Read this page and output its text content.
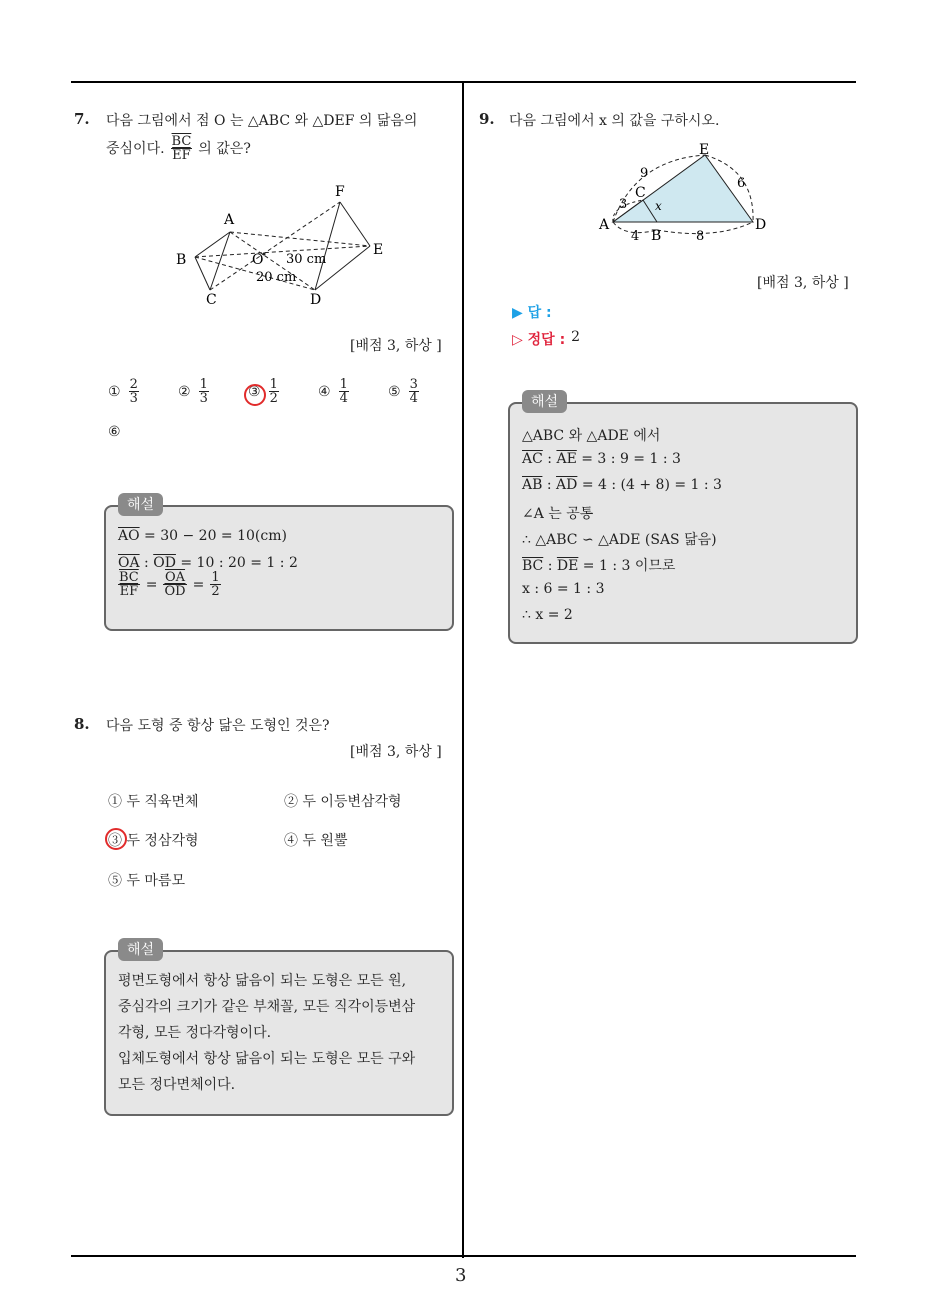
7. 다음 그림에서 점 O 는 △ABC 와 △DEF 의 닮음의
중심이다. $\frac{\overline{BC}}{EF}$ 의 값은?
A
B
C	D
E
F
O 30 cm
20 cm
[배점 3, 하상 ]
① $\frac{2}{3}$	② $\frac{1}{3}$	③ $\frac{1}{2}$	④ $\frac{1}{4}$	⑤ $\frac{3}{4}$
⑥
해설
$\overline{AO} = 30 - 20 = 10(cm)$
$\overline{OA}$ : $\overline{OD} = 10$ : 20 = 1 : 2
$\frac{\overline{BC}}{EF} = \frac{\overline{OA}}{OD} = \frac{1}{2}$
8. 다음 도형 중 항상 닮은 도형인 것은?
[배점 3, 하상 ]
① 두 직육면체	② 두 이등변삼각형
③ 두 정삼각형	④ 두 원뿔
⑤ 두 마름모
해설
평면도형에서 항상 닮음이 되는 도형은 모든 원,
중심각의 크기가 같은 부채꼴, 모든 직각이등변삼
각형, 모든 정다각형이다.
입체도형에서 항상 닮음이 되는 도형은 모든 구와
모든 정다면체이다.
9. 다음 그림에서 x 의 값을 구하시오.
A
B
C
D
E
x
9
6
3
4	8
[배점 3, 하상 ]
▶ 답 :
▷ 정답 : 2
해설
△ABC 와 △ADE 에서
$\overline{AC}$ : $\overline{AE} = 3$ : 9 = 1 : 3
$\overline{AB}$ : $\overline{AD} = 4$ : (4 + 8) = 1 : 3
∠A 는 공통
∴ △ABC ∽ △ADE (SAS 닮음)
$\overline{BC}$ : $\overline{DE} = 1$ : 3 이므로
x : 6 = 1 : 3
∴ x = 2
3
